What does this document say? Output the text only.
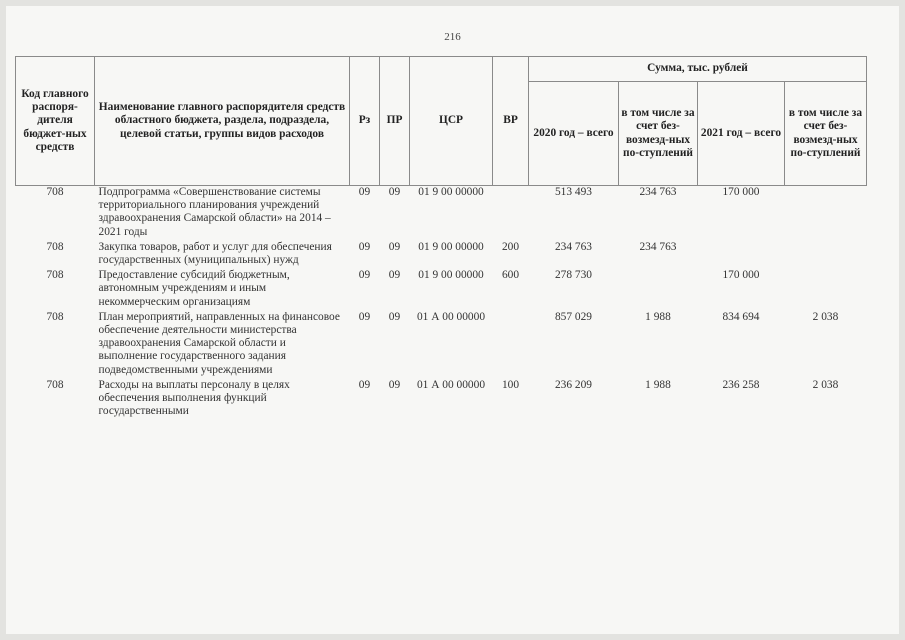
216
Код главного распоря-дителя бюджет-ных средств	Наименование главного распорядителя средств областного бюджета, раздела, подраздела, целевой статьи, группы видов расходов	Рз	ПР	ЦСР	ВР	Сумма, тыс. рублей			
						2020 год – всего	в том числе за счет без-возмезд-ных по-ступлений	2021 год – всего	в том числе за счет без-возмезд-ных по-ступлений
708	Подпрограмма «Совершенствование системы территориального планирования учреждений здравоохранения Самарской области» на 2014 – 2021 годы	09	09	01 9 00 00000		513 493	234 763	170 000	
708	Закупка товаров, работ и услуг для обеспечения государственных (муниципальных) нужд	09	09	01 9 00 00000	200	234 763	234 763		
708	Предоставление субсидий бюджетным, автономным учреждениям и иным некоммерческим организациям	09	09	01 9 00 00000	600	278 730		170 000	
708	План мероприятий, направленных на финансовое обеспечение деятельности министерства здравоохранения Самарской области и выполнение государственного задания подведомственными учреждениями	09	09	01 А 00 00000		857 029	1 988	834 694	2 038
708	Расходы на выплаты персоналу в целях обеспечения выполнения функций государственными	09	09	01 А 00 00000	100	236 209	1 988	236 258	2 038
